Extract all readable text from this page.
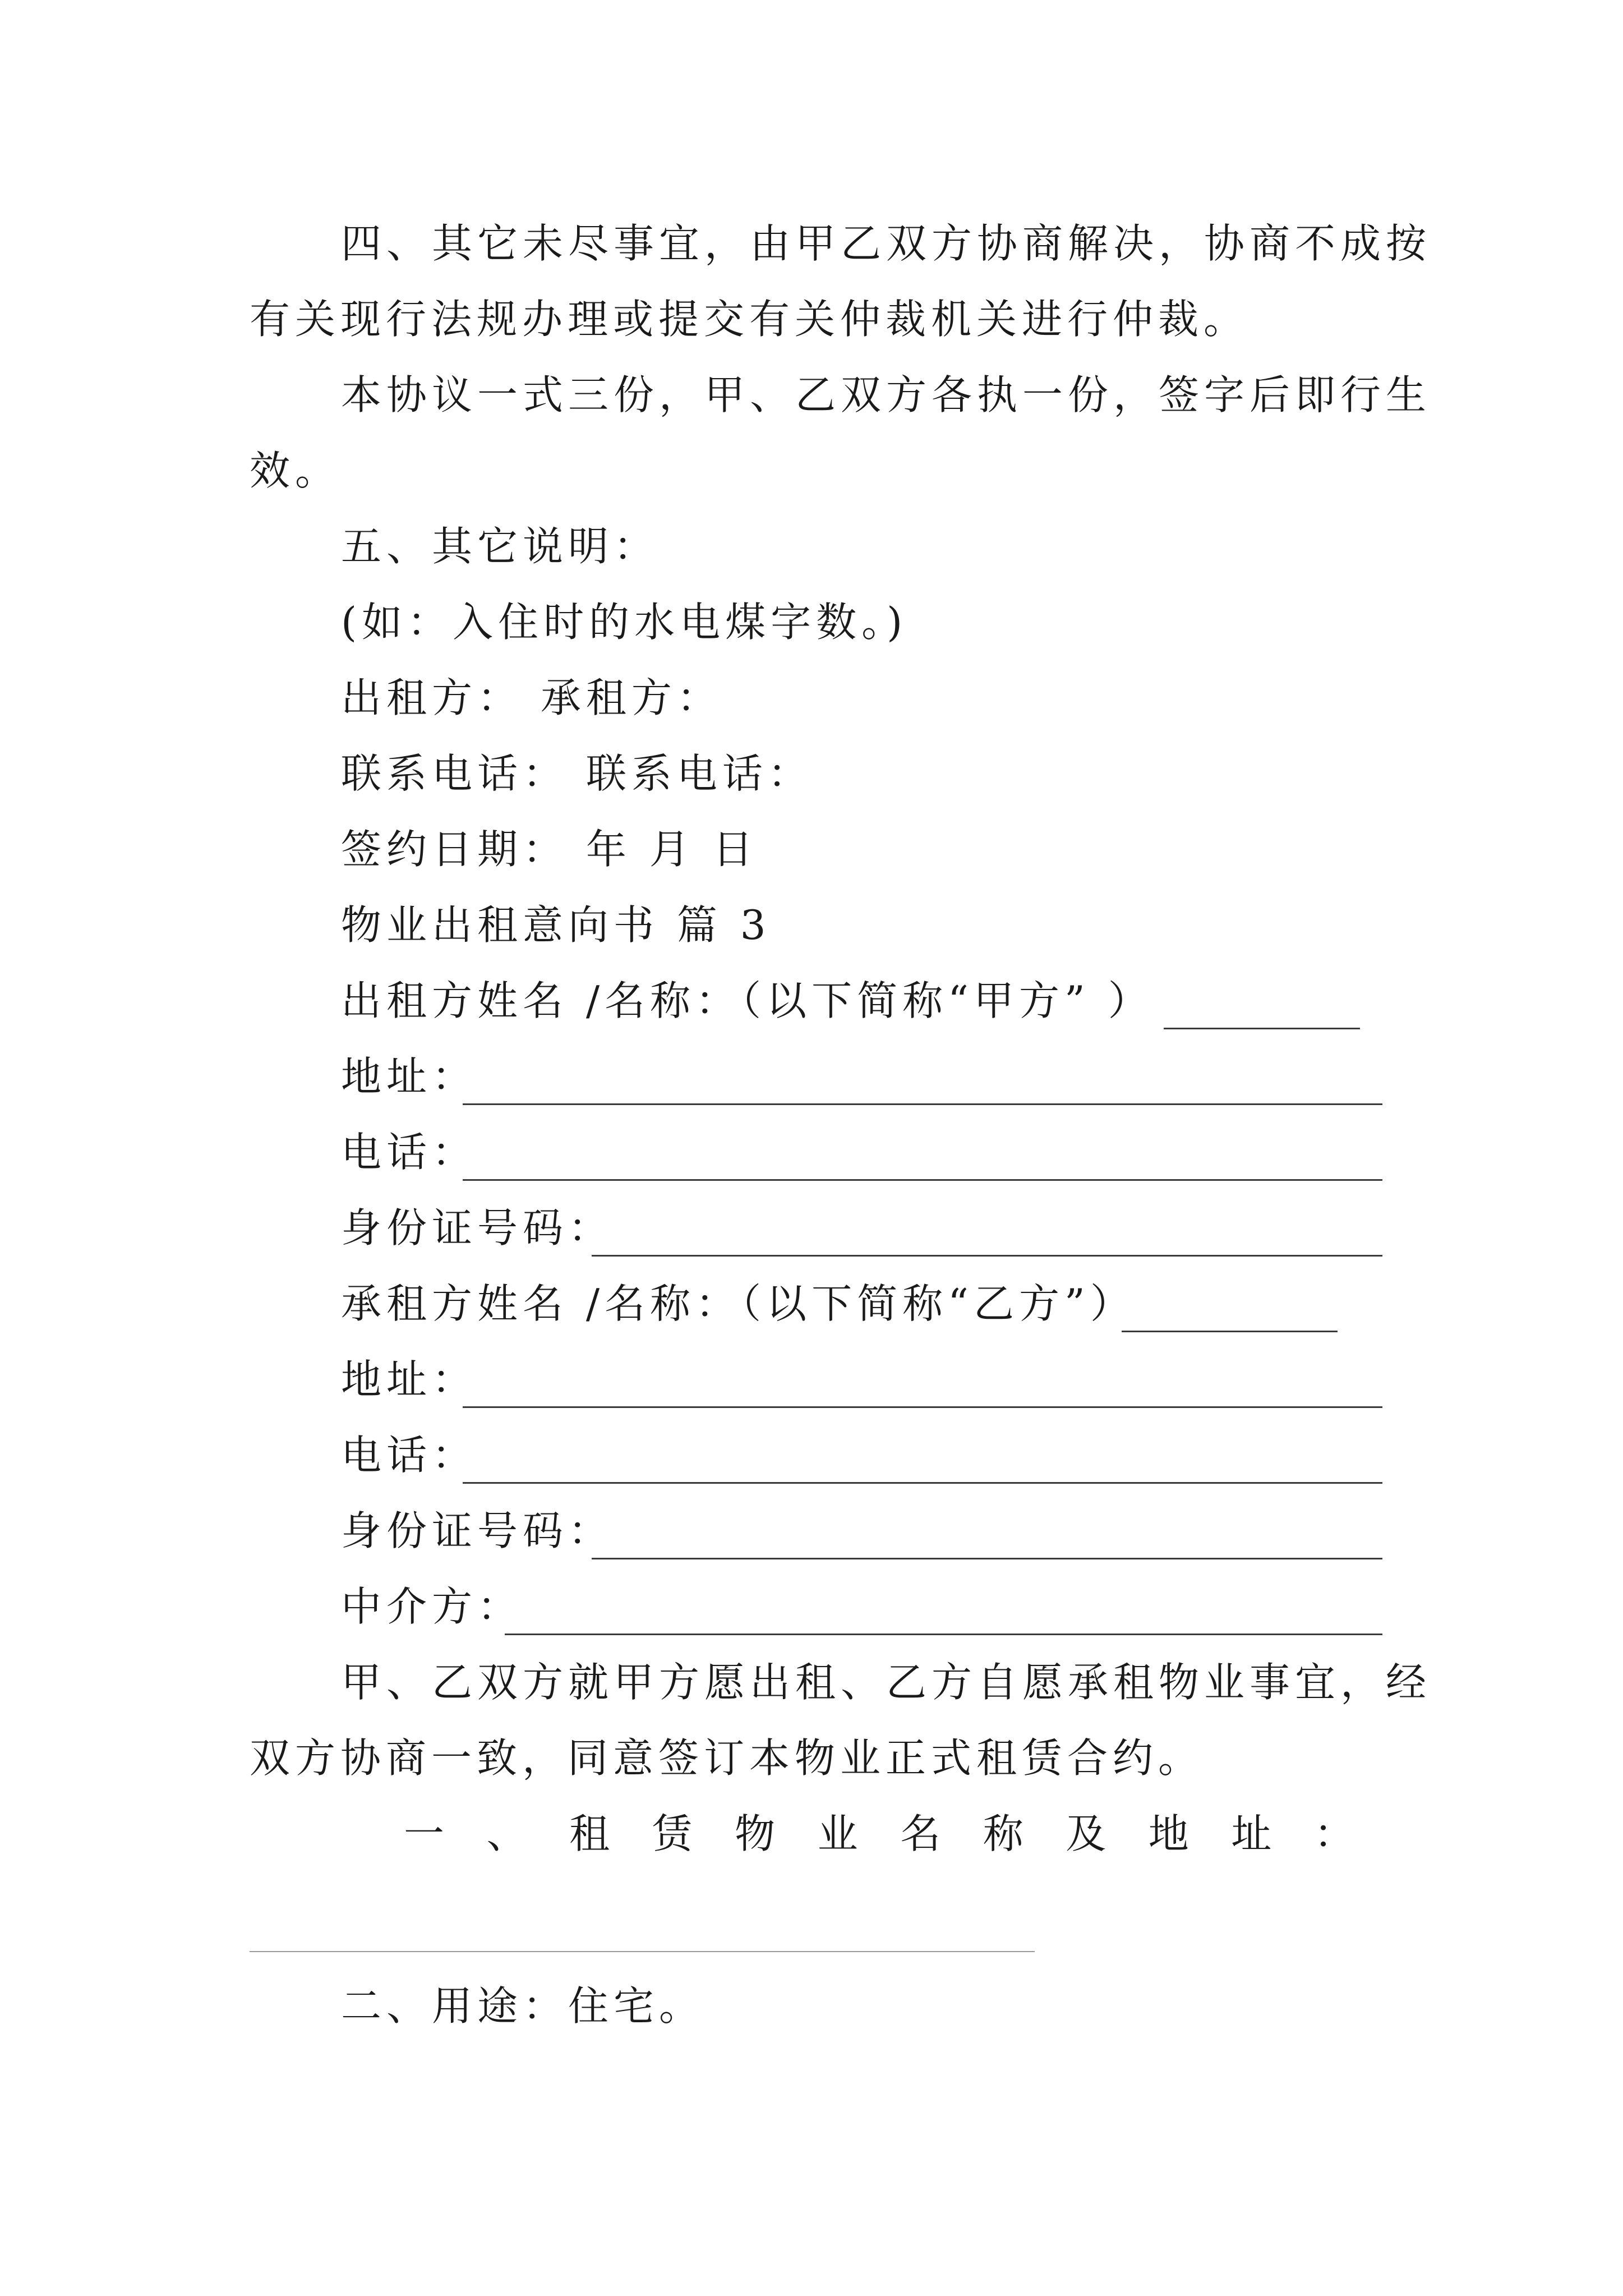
四、其它未尽事宜，由甲乙双方协商解决，协商不成按
有关现行法规办理或提交有关仲裁机关进行仲裁。
本协议一式三份，甲、乙双方各执一份，签字后即行生
效。
五、其它说明：
(如：入住时的水电煤字数。)
出租方： 承租方：
联系电话： 联系电话：
签约日期： 年 月 日
物业出租意向书 篇 3
出租方姓名 /名称：（以下简称“甲方” ）
地址：
电话：
身份证号码：
承租方姓名 /名称：（以下简称“乙方”）
地址：
电话：
身份证号码：
中介方：
甲、乙双方就甲方愿出租、乙方自愿承租物业事宜，经
双方协商一致，同意签订本物业正式租赁合约。
一 、 租 赁 物 业 名 称 及 地 址 ：
二、用途：住宅。
